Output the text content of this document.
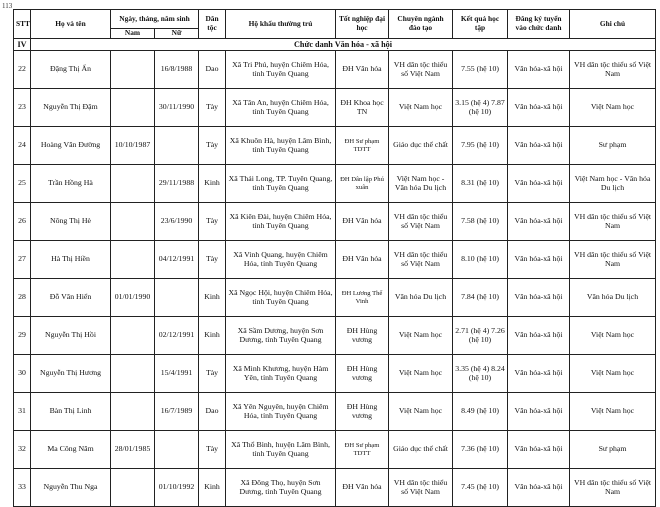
113
STT	Họ và tên	Ngày, tháng, năm sinh		Dân tộc	Hộ khẩu thường trú	Tốt nghiệp đại học	Chuyên ngành đào tạo	Kết quả học tập	Đăng ký tuyển vào chức danh	Ghi chú
		Nam	Nữ							
IV	Chức danh Văn hóa - xã hội									
22	Đặng Thị Ấn		16/8/1988	Dao	Xã Tri Phú, huyện Chiêm Hóa, tỉnh Tuyên Quang	ĐH Văn hóa	VH dân tộc thiểu số Việt Nam	7.55 (hệ 10)	Văn hóa-xã hội	VH dân tộc thiểu số Việt Nam
23	Nguyễn Thị Đậm		30/11/1990	Tày	Xã Tân An, huyện Chiêm Hóa, tỉnh Tuyên Quang	ĐH Khoa học TN	Việt Nam học	3.15 (hệ 4) 7.87 (hệ 10)	Văn hóa-xã hội	Việt Nam học
24	Hoàng Văn Đường	10/10/1987		Tày	Xã Khuôn Hà, huyện Lâm Bình, tỉnh Tuyên Quang	ĐH Sư phạm TDTT	Giáo dục thể chất	7.95 (hệ 10)	Văn hóa-xã hội	Sư phạm
25	Trần Hồng Hà		29/11/1988	Kinh	Xã Thái Long, TP. Tuyên Quang, tỉnh Tuyên Quang	ĐH Dân lập Phú xuân	Việt Nam học - Văn hóa Du lịch	8.31 (hệ 10)	Văn hóa-xã hội	Việt Nam học - Văn hóa Du lịch
26	Nông Thị Hè		23/6/1990	Tày	Xã Kiên Đài, huyện Chiêm Hóa, tỉnh Tuyên Quang	ĐH Văn hóa	VH dân tộc thiểu số Việt Nam	7.58 (hệ 10)	Văn hóa-xã hội	VH dân tộc thiểu số Việt Nam
27	Hà Thị Hiền		04/12/1991	Tày	Xã Vinh Quang, huyện Chiêm Hóa, tỉnh Tuyên Quang	ĐH Văn hóa	VH dân tộc thiểu số Việt Nam	8.10 (hệ 10)	Văn hóa-xã hội	VH dân tộc thiểu số Việt Nam
28	Đỗ Văn Hiển	01/01/1990		Kinh	Xã Ngọc Hội, huyện Chiêm Hóa, tỉnh Tuyên Quang	ĐH Lương Thế Vinh	Văn hóa Du lịch	7.84 (hệ 10)	Văn hóa-xã hội	Văn hóa Du lịch
29	Nguyễn Thị Hồi		02/12/1991	Kinh	Xã Sầm Dương, huyện Sơn Dương, tỉnh Tuyên Quang	ĐH Hùng vương	Việt Nam học	2.71 (hệ 4) 7.26 (hệ 10)	Văn hóa-xã hội	Việt Nam học
30	Nguyễn Thị Hương		15/4/1991	Tày	Xã Minh Khương, huyện Hàm Yên, tỉnh Tuyên Quang	ĐH Hùng vương	Việt Nam học	3.35 (hệ 4) 8.24 (hệ 10)	Văn hóa-xã hội	Việt Nam học
31	Bàn Thị Linh		16/7/1989	Dao	Xã Yên Nguyên, huyện Chiêm Hóa, tỉnh Tuyên Quang	ĐH Hùng vương	Việt Nam học	8.49 (hệ 10)	Văn hóa-xã hội	Việt Nam học
32	Ma Công Năm	28/01/1985		Tày	Xã Thổ Bình, huyện Lâm Bình, tỉnh Tuyên Quang	ĐH Sư phạm TDTT	Giáo dục thể chất	7.36 (hệ 10)	Văn hóa-xã hội	Sư phạm
33	Nguyễn Thu Nga		01/10/1992	Kinh	Xã Đông Thọ, huyện Sơn Dương, tỉnh Tuyên Quang	ĐH Văn hóa	VH dân tộc thiểu số Việt Nam	7.45 (hệ 10)	Văn hóa-xã hội	VH dân tộc thiểu số Việt Nam
